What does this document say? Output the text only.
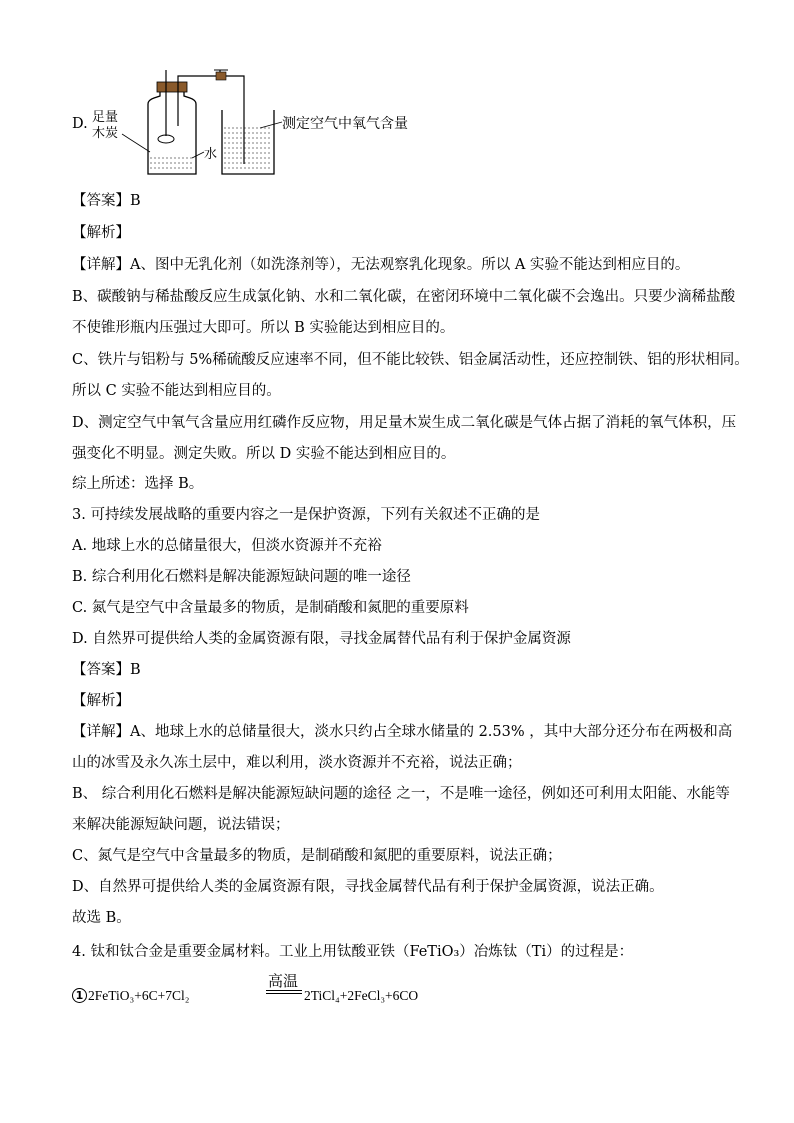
D. 足量
木炭
水
测定空气中氧气含量
【答案】B
【解析】
【详解】A、图中无乳化剂（如洗涤剂等），无法观察乳化现象。所以 A 实验不能达到相应目的。
B、碳酸钠与稀盐酸反应生成氯化钠、水和二氧化碳，在密闭环境中二氧化碳不会逸出。只要少滴稀盐酸
不使锥形瓶内压强过大即可。所以 B 实验能达到相应目的。
C、铁片与铝粉与 5%稀硫酸反应速率不同，但不能比较铁、铝金属活动性，还应控制铁、铝的形状相同。
所以 C 实验不能达到相应目的。
D、测定空气中氧气含量应用红磷作反应物，用足量木炭生成二氧化碳是气体占据了消耗的氧气体积，压
强变化不明显。测定失败。所以 D 实验不能达到相应目的。
综上所述：选择 B。
3. 可持续发展战略的重要内容之一是保护资源，下列有关叙述不正确的是
A. 地球上水的总储量很大，但淡水资源并不充裕
B. 综合利用化石燃料是解决能源短缺问题的唯一途径
C. 氮气是空气中含量最多的物质，是制硝酸和氮肥的重要原料
D. 自然界可提供给人类的金属资源有限，寻找金属替代品有利于保护金属资源
【答案】B
【解析】
【详解】A、地球上水的总储量很大，淡水只约占全球水储量的 2.53% ，其中大部分还分布在两极和高
山的冰雪及永久冻土层中，难以利用，淡水资源并不充裕，说法正确；
B、 综合利用化石燃料是解决能源短缺问题的途径 之一，不是唯一途径，例如还可利用太阳能、水能等
来解决能源短缺问题，说法错误；
C、氮气是空气中含量最多的物质，是制硝酸和氮肥的重要原料，说法正确；
D、自然界可提供给人类的金属资源有限，寻找金属替代品有利于保护金属资源，说法正确。
故选 B。
4. 钛和钛合金是重要金属材料。工业上用钛酸亚铁（FeTiO₃）冶炼钛（Ti）的过程是：
1 2FeTiO₃+6C+7Cl₂
高温
2TiCl₄+2FeCl₃+6CO
